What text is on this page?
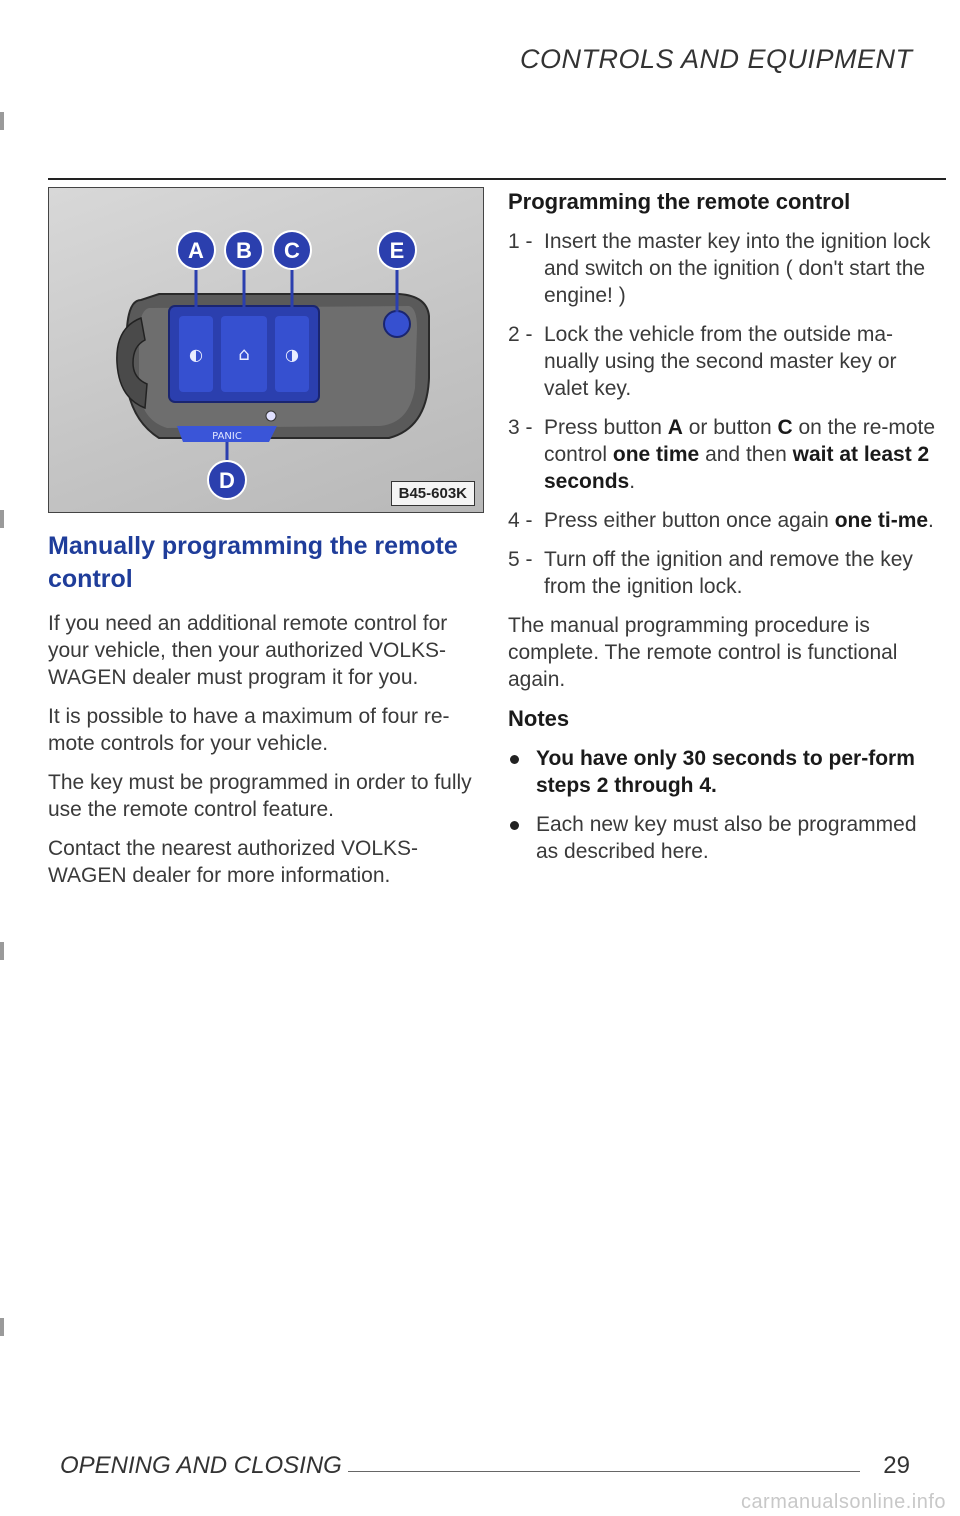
CONTROLS AND EQUIPMENT
◐ ⌂ ◑
PANIC
A B C	E
D
B45-603K
Manually programming the remote control

If you need an additional remote control for your vehicle, then your authorized VOLKS-WAGEN dealer must program it for you.

It is possible to have a maximum of four re-mote controls for your vehicle.

The key must be programmed in order to fully use the remote control feature.

Contact the nearest authorized VOLKS-WAGEN dealer for more information.

Programming the remote control
1 - Insert the master key into the ignition lock and switch on the ignition ( don't start the engine! )
2 - Lock the vehicle from the outside ma-nually using the second master key or valet key.
3 - Press button A or button C on the re-mote control one time and then wait at least 2 seconds.
4 - Press either button once again one ti-me.
5 - Turn off the ignition and remove the key from the ignition lock.

The manual programming procedure is complete. The remote control is functional again.

Notes
You have only 30 seconds to per-form steps 2 through 4.
Each new key must also be programmed as described here.
OPENING AND CLOSING	29
carmanualsonline.info
